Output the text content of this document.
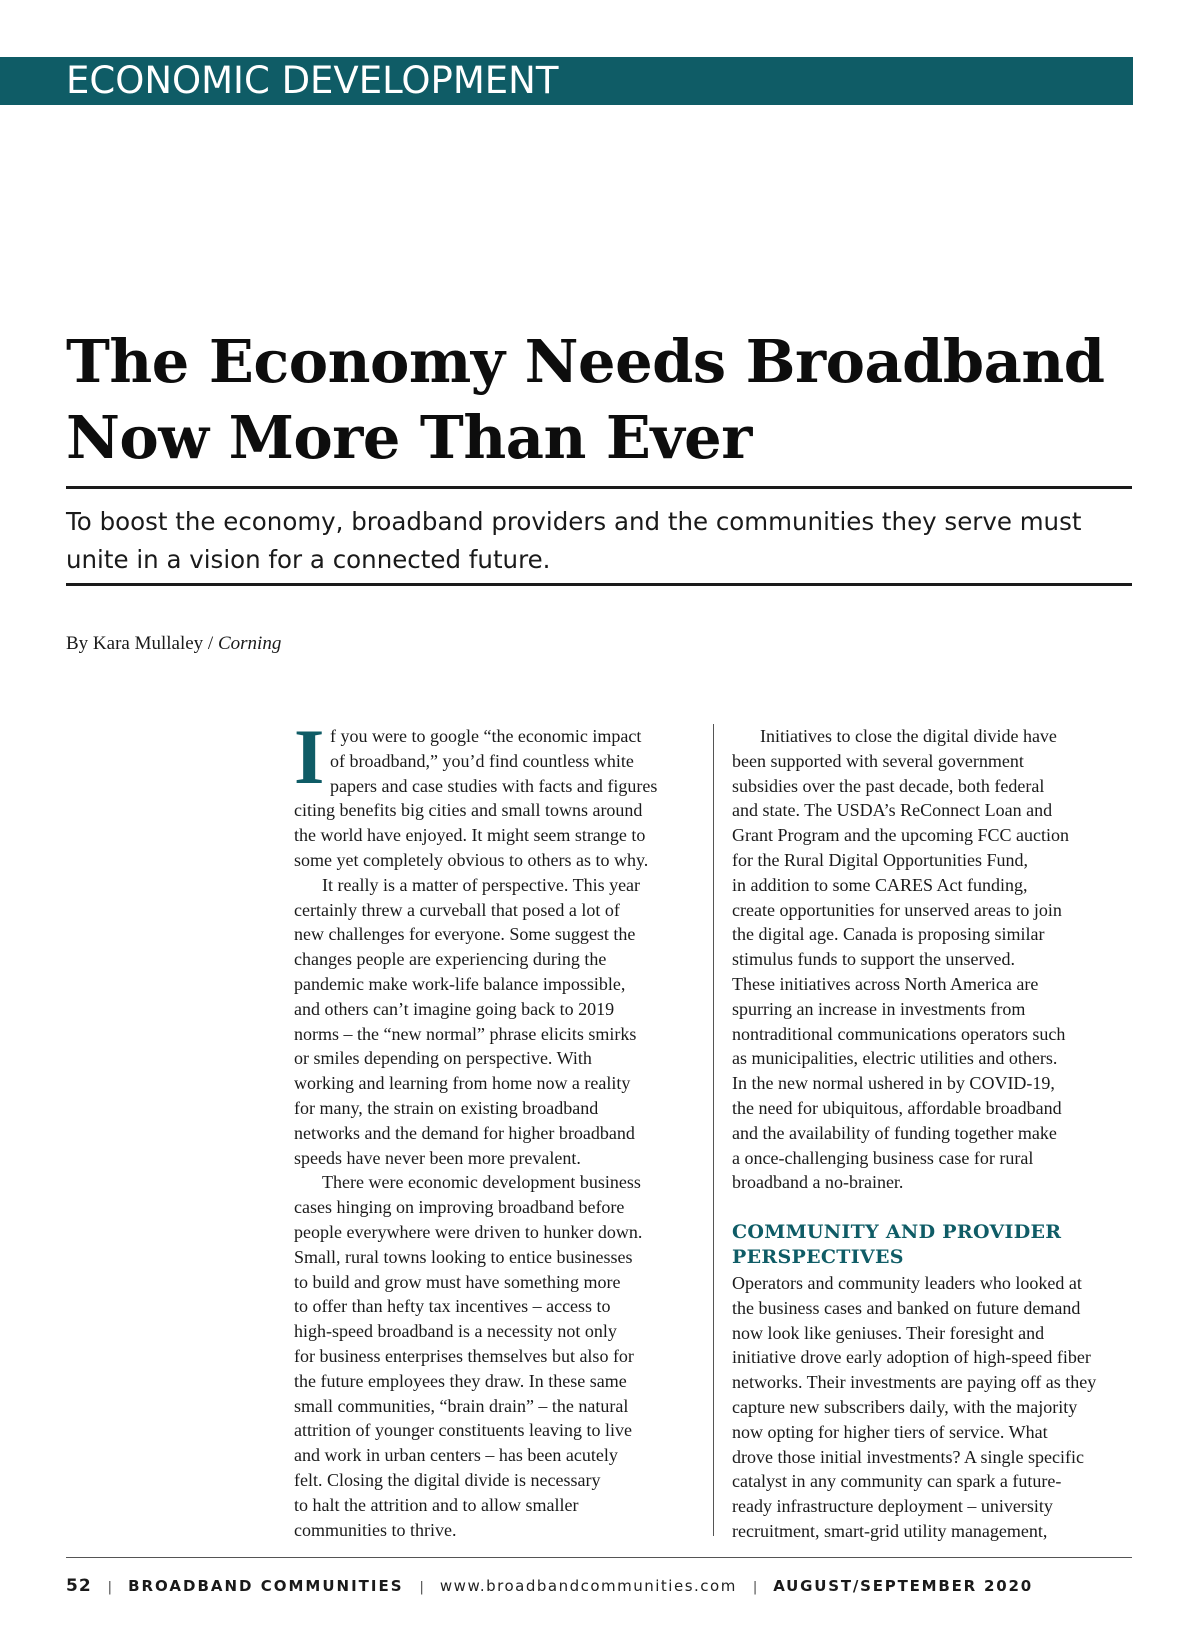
ECONOMIC DEVELOPMENT
The Economy Needs Broadband
Now More Than Ever
To boost the economy, broadband providers and the communities they serve must
unite in a vision for a connected future.
By Kara Mullaley / Corning
I f you were to google “the economic impact
of broadband,” you’d find countless white
papers and case studies with facts and figures
citing benefits big cities and small towns around
the world have enjoyed. It might seem strange to
some yet completely obvious to others as to why.
It really is a matter of perspective. This year
certainly threw a curveball that posed a lot of
new challenges for everyone. Some suggest the
changes people are experiencing during the
pandemic make work-life balance impossible,
and others can’t imagine going back to 2019
norms – the “new normal” phrase elicits smirks
or smiles depending on perspective. With
working and learning from home now a reality
for many, the strain on existing broadband
networks and the demand for higher broadband
speeds have never been more prevalent.
There were economic development business
cases hinging on improving broadband before
people everywhere were driven to hunker down.
Small, rural towns looking to entice businesses
to build and grow must have something more
to offer than hefty tax incentives – access to
high-speed broadband is a necessity not only
for business enterprises themselves but also for
the future employees they draw. In these same
small communities, “brain drain” – the natural
attrition of younger constituents leaving to live
and work in urban centers – has been acutely
felt. Closing the digital divide is necessary
to halt the attrition and to allow smaller
communities to thrive.
Initiatives to close the digital divide have
been supported with several government
subsidies over the past decade, both federal
and state. The USDA’s ReConnect Loan and
Grant Program and the upcoming FCC auction
for the Rural Digital Opportunities Fund,
in addition to some CARES Act funding,
create opportunities for unserved areas to join
the digital age. Canada is proposing similar
stimulus funds to support the unserved.
These initiatives across North America are
spurring an increase in investments from
nontraditional communications operators such
as municipalities, electric utilities and others.
In the new normal ushered in by COVID-19,
the need for ubiquitous, affordable broadband
and the availability of funding together make
a once-challenging business case for rural
broadband a no-brainer.
COMMUNITY AND PROVIDER
PERSPECTIVES
Operators and community leaders who looked at
the business cases and banked on future demand
now look like geniuses. Their foresight and
initiative drove early adoption of high-speed fiber
networks. Their investments are paying off as they
capture new subscribers daily, with the majority
now opting for higher tiers of service. What
drove those initial investments? A single specific
catalyst in any community can spark a future-
ready infrastructure deployment – university
recruitment, smart-grid utility management,
52 | BROADBAND COMMUNITIES | www.broadbandcommunities.com | AUGUST/SEPTEMBER 2020
